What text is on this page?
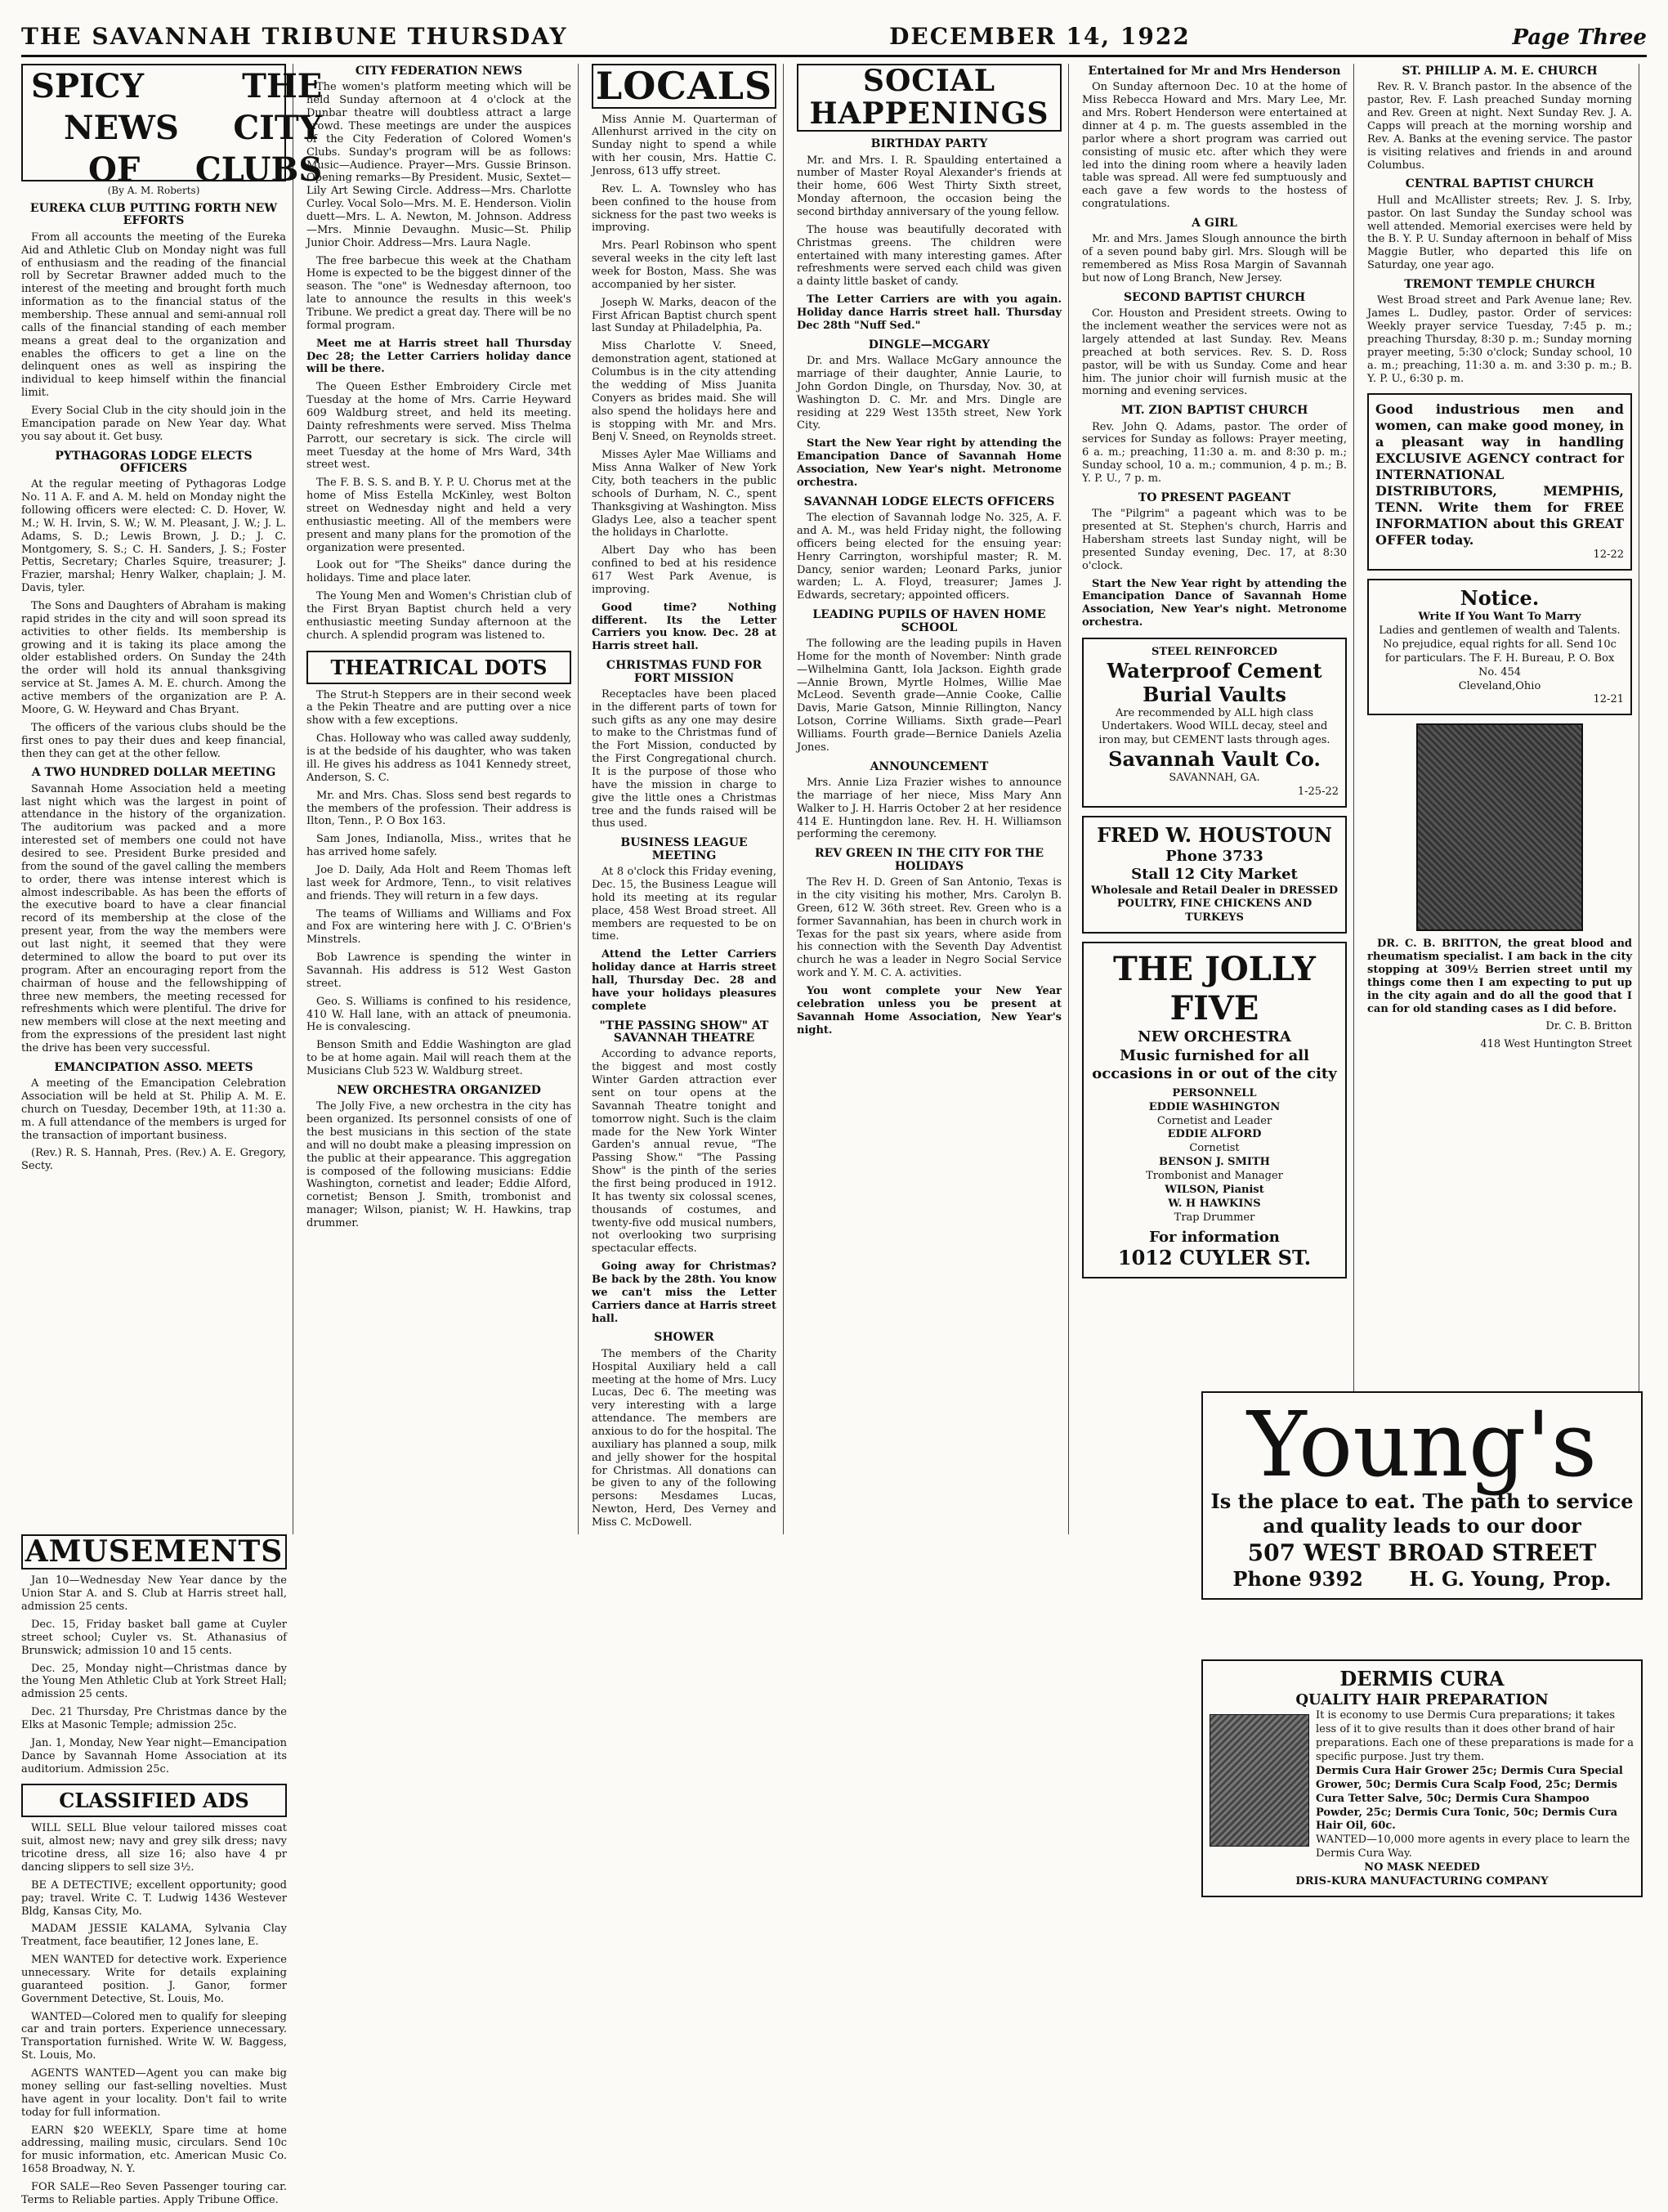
THE SAVANNAH TRIBUNE THURSDAY	DECEMBER 14, 1922	Page Three
SPICY	THE
NEWS	CITY
OF	CLUBS
(By A. M. Roberts)
EUREKA CLUB PUTTING FORTH NEW EFFORTS

From all accounts the meeting of the Eureka Aid and Athletic Club on Monday night was full of enthusiasm and the reading of the financial roll by Secretar Brawner added much to the interest of the meeting and brought forth much information as to the financial status of the membership. These annual and semi-annual roll calls of the financial standing of each member means a great deal to the organization and enables the officers to get a line on the delinquent ones as well as inspiring the individual to keep himself within the financial limit.

Every Social Club in the city should join in the Emancipation parade on New Year day. What you say about it. Get busy.

PYTHAGORAS LODGE ELECTS OFFICERS

At the regular meeting of Pythagoras Lodge No. 11 A. F. and A. M. held on Monday night the following officers were elected: C. D. Hover, W. M.; W. H. Irvin, S. W.; W. M. Pleasant, J. W.; J. L. Adams, S. D.; Lewis Brown, J. D.; J. C. Montgomery, S. S.; C. H. Sanders, J. S.; Foster Pettis, Secretary; Charles Squire, treasurer; J. Frazier, marshal; Henry Walker, chaplain; J. M. Davis, tyler.

The Sons and Daughters of Abraham is making rapid strides in the city and will soon spread its activities to other fields. Its membership is growing and it is taking its place among the older established orders. On Sunday the 24th the order will hold its annual thanksgiving service at St. James A. M. E. church. Among the active members of the organization are P. A. Moore, G. W. Heyward and Chas Bryant.

The officers of the various clubs should be the first ones to pay their dues and keep financial, then they can get at the other fellow.

A TWO HUNDRED DOLLAR MEETING

Savannah Home Association held a meeting last night which was the largest in point of attendance in the history of the organization. The auditorium was packed and a more interested set of members one could not have desired to see. President Burke presided and from the sound of the gavel calling the members to order, there was intense interest which is almost indescribable. As has been the efforts of the executive board to have a clear financial record of its membership at the close of the present year, from the way the members were out last night, it seemed that they were determined to allow the board to put over its program. After an encouraging report from the chairman of house and the fellowshipping of three new members, the meeting recessed for refreshments which were plentiful. The drive for new members will close at the next meeting and from the expressions of the president last night the drive has been very successful.

EMANCIPATION ASSO. MEETS

A meeting of the Emancipation Celebration Association will be held at St. Philip A. M. E. church on Tuesday, December 19th, at 11:30 a. m. A full attendance of the members is urged for the transaction of important business.

(Rev.) R. S. Hannah, Pres. (Rev.) A. E. Gregory, Secty.

CITY FEDERATION NEWS

The women's platform meeting which will be held Sunday afternoon at 4 o'clock at the Dunbar theatre will doubtless attract a large crowd. These meetings are under the auspices of the City Federation of Colored Women's Clubs. Sunday's program will be as follows: Music—Audience. Prayer—Mrs. Gussie Brinson. Opening remarks—By President. Music, Sextet—Lily Art Sewing Circle. Address—Mrs. Charlotte Curley. Vocal Solo—Mrs. M. E. Henderson. Violin duett—Mrs. L. A. Newton, M. Johnson. Address—Mrs. Minnie Devaughn. Music—St. Philip Junior Choir. Address—Mrs. Laura Nagle.

The free barbecue this week at the Chatham Home is expected to be the biggest dinner of the season. The "one" is Wednesday afternoon, too late to announce the results in this week's Tribune. We predict a great day. There will be no formal program.

Meet me at Harris street hall Thursday Dec 28; the Letter Carriers holiday dance will be there.

The Queen Esther Embroidery Circle met Tuesday at the home of Mrs. Carrie Heyward 609 Waldburg street, and held its meeting. Dainty refreshments were served. Miss Thelma Parrott, our secretary is sick. The circle will meet Tuesday at the home of Mrs Ward, 34th street west.

The F. B. S. S. and B. Y. P. U. Chorus met at the home of Miss Estella McKinley, west Bolton street on Wednesday night and held a very enthusiastic meeting. All of the members were present and many plans for the promotion of the organization were presented.

Look out for "The Sheiks" dance during the holidays. Time and place later.

The Young Men and Women's Christian club of the First Bryan Baptist church held a very enthusiastic meeting Sunday afternoon at the church. A splendid program was listened to.

THEATRICAL DOTS

The Strut-h Steppers are in their second week a the Pekin Theatre and are putting over a nice show with a few exceptions.

Chas. Holloway who was called away suddenly, is at the bedside of his daughter, who was taken ill. He gives his address as 1041 Kennedy street, Anderson, S. C.

Mr. and Mrs. Chas. Sloss send best regards to the members of the profession. Their address is Ilton, Tenn., P. O Box 163.

Sam Jones, Indianolla, Miss., writes that he has arrived home safely.

Joe D. Daily, Ada Holt and Reem Thomas left last week for Ardmore, Tenn., to visit relatives and friends. They will return in a few days.

The teams of Williams and Williams and Fox and Fox are wintering here with J. C. O'Brien's Minstrels.

Bob Lawrence is spending the winter in Savannah. His address is 512 West Gaston street.

Geo. S. Williams is confined to his residence, 410 W. Hall lane, with an attack of pneumonia. He is convalescing.

Benson Smith and Eddie Washington are glad to be at home again. Mail will reach them at the Musicians Club 523 W. Waldburg street.

NEW ORCHESTRA ORGANIZED

The Jolly Five, a new orchestra in the city has been organized. Its personnel consists of one of the best musicians in this section of the state and will no doubt make a pleasing impression on the public at their appearance. This aggregation is composed of the following musicians: Eddie Washington, cornetist and leader; Eddie Alford, cornetist; Benson J. Smith, trombonist and manager; Wilson, pianist; W. H. Hawkins, trap drummer.

LOCALS

Miss Annie M. Quarterman of Allenhurst arrived in the city on Sunday night to spend a while with her cousin, Mrs. Hattie C. Jenross, 613 uffy street.

Rev. L. A. Townsley who has been confined to the house from sickness for the past two weeks is improving.

Mrs. Pearl Robinson who spent several weeks in the city left last week for Boston, Mass. She was accompanied by her sister.

Joseph W. Marks, deacon of the First African Baptist church spent last Sunday at Philadelphia, Pa.

Miss Charlotte V. Sneed, demonstration agent, stationed at Columbus is in the city attending the wedding of Miss Juanita Conyers as brides maid. She will also spend the holidays here and is stopping with Mr. and Mrs. Benj V. Sneed, on Reynolds street.

Misses Ayler Mae Williams and Miss Anna Walker of New York City, both teachers in the public schools of Durham, N. C., spent Thanksgiving at Washington. Miss Gladys Lee, also a teacher spent the holidays in Charlotte.

Albert Day who has been confined to bed at his residence 617 West Park Avenue, is improving.

Good time? Nothing different. Its the Letter Carriers you know. Dec. 28 at Harris street hall.

CHRISTMAS FUND FOR FORT MISSION

Receptacles have been placed in the different parts of town for such gifts as any one may desire to make to the Christmas fund of the Fort Mission, conducted by the First Congregational church. It is the purpose of those who have the mission in charge to give the little ones a Christmas tree and the funds raised will be thus used.

BUSINESS LEAGUE MEETING

At 8 o'clock this Friday evening, Dec. 15, the Business League will hold its meeting at its regular place, 458 West Broad street. All members are requested to be on time.

Attend the Letter Carriers holiday dance at Harris street hall, Thursday Dec. 28 and have your holidays pleasures complete

"THE PASSING SHOW" AT SAVANNAH THEATRE

According to advance reports, the biggest and most costly Winter Garden attraction ever sent on tour opens at the Savannah Theatre tonight and tomorrow night. Such is the claim made for the New York Winter Garden's annual revue, "The Passing Show." "The Passing Show" is the pinth of the series the first being produced in 1912. It has twenty six colossal scenes, thousands of costumes, and twenty-five odd musical numbers, not overlooking two surprising spectacular effects.

Going away for Christmas? Be back by the 28th. You know we can't miss the Letter Carriers dance at Harris street hall.

SHOWER

The members of the Charity Hospital Auxiliary held a call meeting at the home of Mrs. Lucy Lucas, Dec 6. The meeting was very interesting with a large attendance. The members are anxious to do for the hospital. The auxiliary has planned a soup, milk and jelly shower for the hospital for Christmas. All donations can be given to any of the following persons: Mesdames Lucas, Newton, Herd, Des Verney and Miss C. McDowell.

SOCIAL HAPPENINGS
BIRTHDAY PARTY

Mr. and Mrs. I. R. Spaulding entertained a number of Master Royal Alexander's friends at their home, 606 West Thirty Sixth street, Monday afternoon, the occasion being the second birthday anniversary of the young fellow.

The house was beautifully decorated with Christmas greens. The children were entertained with many interesting games. After refreshments were served each child was given a dainty little basket of candy.

The Letter Carriers are with you again. Holiday dance Harris street hall. Thursday Dec 28th "Nuff Sed."

DINGLE—MCGARY

Dr. and Mrs. Wallace McGary announce the marriage of their daughter, Annie Laurie, to John Gordon Dingle, on Thursday, Nov. 30, at Washington D. C. Mr. and Mrs. Dingle are residing at 229 West 135th street, New York City.

Start the New Year right by attending the Emancipation Dance of Savannah Home Association, New Year's night. Metronome orchestra.

SAVANNAH LODGE ELECTS OFFICERS

The election of Savannah lodge No. 325, A. F. and A. M., was held Friday night, the following officers being elected for the ensuing year: Henry Carrington, worshipful master; R. M. Dancy, senior warden; Leonard Parks, junior warden; L. A. Floyd, treasurer; James J. Edwards, secretary; appointed officers.

LEADING PUPILS OF HAVEN HOME SCHOOL

The following are the leading pupils in Haven Home for the month of November: Ninth grade—Wilhelmina Gantt, Iola Jackson. Eighth grade—Annie Brown, Myrtle Holmes, Willie Mae McLeod. Seventh grade—Annie Cooke, Callie Davis, Marie Gatson, Minnie Rillington, Nancy Lotson, Corrine Williams. Sixth grade—Pearl Williams. Fourth grade—Bernice Daniels Azelia Jones.

ANNOUNCEMENT

Mrs. Annie Liza Frazier wishes to announce the marriage of her niece, Miss Mary Ann Walker to J. H. Harris October 2 at her residence 414 E. Huntingdon lane. Rev. H. H. Williamson performing the ceremony.

REV GREEN IN THE CITY FOR THE HOLIDAYS

The Rev H. D. Green of San Antonio, Texas is in the city visiting his mother, Mrs. Carolyn B. Green, 612 W. 36th street. Rev. Green who is a former Savannahian, has been in church work in Texas for the past six years, where aside from his connection with the Seventh Day Adventist church he was a leader in Negro Social Service work and Y. M. C. A. activities.

You wont complete your New Year celebration unless you be present at Savannah Home Association, New Year's night.

Entertained for Mr and Mrs Henderson

On Sunday afternoon Dec. 10 at the home of Miss Rebecca Howard and Mrs. Mary Lee, Mr. and Mrs. Robert Henderson were entertained at dinner at 4 p. m. The guests assembled in the parlor where a short program was carried out consisting of music etc. after which they were led into the dining room where a heavily laden table was spread. All were fed sumptuously and each gave a few words to the hostess of congratulations.

A GIRL

Mr. and Mrs. James Slough announce the birth of a seven pound baby girl. Mrs. Slough will be remembered as Miss Rosa Margin of Savannah but now of Long Branch, New Jersey.

SECOND BAPTIST CHURCH

Cor. Houston and President streets. Owing to the inclement weather the services were not as largely attended at last Sunday. Rev. Means preached at both services. Rev. S. D. Ross pastor, will be with us Sunday. Come and hear him. The junior choir will furnish music at the morning and evening services.

MT. ZION BAPTIST CHURCH

Rev. John Q. Adams, pastor. The order of services for Sunday as follows: Prayer meeting, 6 a. m.; preaching, 11:30 a. m. and 8:30 p. m.; Sunday school, 10 a. m.; communion, 4 p. m.; B. Y. P. U., 7 p. m.

TO PRESENT PAGEANT

The "Pilgrim" a pageant which was to be presented at St. Stephen's church, Harris and Habersham streets last Sunday night, will be presented Sunday evening, Dec. 17, at 8:30 o'clock.

Start the New Year right by attending the Emancipation Dance of Savannah Home Association, New Year's night. Metronome orchestra.

STEEL REINFORCED
Waterproof Cement Burial Vaults
Are recommended by ALL high class Undertakers. Wood WILL decay, steel and iron may, but CEMENT lasts through ages.
Savannah Vault Co.
SAVANNAH, GA.
1-25-22
FRED W. HOUSTOUN
Phone 3733
Stall 12 City Market
Wholesale and Retail Dealer in DRESSED POULTRY, FINE CHICKENS AND TURKEYS
THE JOLLY FIVE
NEW ORCHESTRA
Music furnished for all occasions in or out of the city
PERSONNELL
EDDIE WASHINGTON
Cornetist and Leader
EDDIE ALFORD
Cornetist
BENSON J. SMITH
Trombonist and Manager
WILSON, Pianist
W. H HAWKINS
Trap Drummer
For information
1012 CUYLER ST.
ST. PHILLIP A. M. E. CHURCH

Rev. R. V. Branch pastor. In the absence of the pastor, Rev. F. Lash preached Sunday morning and Rev. Green at night. Next Sunday Rev. J. A. Capps will preach at the morning worship and Rev. A. Banks at the evening service. The pastor is visiting relatives and friends in and around Columbus.

CENTRAL BAPTIST CHURCH

Hull and McAllister streets; Rev. J. S. Irby, pastor. On last Sunday the Sunday school was well attended. Memorial exercises were held by the B. Y. P. U. Sunday afternoon in behalf of Miss Maggie Butler, who departed this life on Saturday, one year ago.

TREMONT TEMPLE CHURCH

West Broad street and Park Avenue lane; Rev. James L. Dudley, pastor. Order of services: Weekly prayer service Tuesday, 7:45 p. m.; preaching Thursday, 8:30 p. m.; Sunday morning prayer meeting, 5:30 o'clock; Sunday school, 10 a. m.; preaching, 11:30 a. m. and 3:30 p. m.; B. Y. P. U., 6:30 p. m.

Good industrious men and women, can make good money, in a pleasant way in handling EXCLUSIVE AGENCY contract for INTERNATIONAL DISTRIBUTORS, MEMPHIS, TENN. Write them for FREE INFORMATION about this GREAT OFFER today.
12-22
Notice.
Write If You Want To Marry
Ladies and gentlemen of wealth and Talents. No prejudice, equal rights for all. Send 10c for particulars. The F. H. Bureau, P. O. Box No. 454
Cleveland,Ohio
12-21

DR. C. B. BRITTON, the great blood and rheumatism specialist. I am back in the city stopping at 309½ Berrien street until my things come then I am expecting to put up in the city again and do all the good that I can for old standing cases as I did before.

Dr. C. B. Britton

418 West Huntington Street

AMUSEMENTS

Jan 10—Wednesday New Year dance by the Union Star A. and S. Club at Harris street hall, admission 25 cents.

Dec. 15, Friday basket ball game at Cuyler street school; Cuyler vs. St. Athanasius of Brunswick; admission 10 and 15 cents.

Dec. 25, Monday night—Christmas dance by the Young Men Athletic Club at York Street Hall; admission 25 cents.

Dec. 21 Thursday, Pre Christmas dance by the Elks at Masonic Temple; admission 25c.

Jan. 1, Monday, New Year night—Emancipation Dance by Savannah Home Association at its auditorium. Admission 25c.

CLASSIFIED ADS

WILL SELL Blue velour tailored misses coat suit, almost new; navy and grey silk dress; navy tricotine dress, all size 16; also have 4 pr dancing slippers to sell size 3½.

BE A DETECTIVE; excellent opportunity; good pay; travel. Write C. T. Ludwig 1436 Westever Bldg, Kansas City, Mo.

MADAM JESSIE KALAMA, Sylvania Clay Treatment, face beautifier, 12 Jones lane, E.

MEN WANTED for detective work. Experience unnecessary. Write for details explaining guaranteed position. J. Ganor, former Government Detective, St. Louis, Mo.

WANTED—Colored men to qualify for sleeping car and train porters. Experience unnecessary. Transportation furnished. Write W. W. Baggess, St. Louis, Mo.

AGENTS WANTED—Agent you can make big money selling our fast-selling novelties. Must have agent in your locality. Don't fail to write today for full information.

EARN $20 WEEKLY, Spare time at home addressing, mailing music, circulars. Send 10c for music information, etc. American Music Co. 1658 Broadway, N. Y.

FOR SALE—Reo Seven Passenger touring car. Terms to Reliable parties. Apply Tribune Office.

Young's
Is the place to eat. The path to service and quality leads to our door
507 WEST BROAD STREET
Phone 9392 H. G. Young, Prop.
DERMIS CURA
QUALITY HAIR PREPARATION
It is economy to use Dermis Cura preparations; it takes less of it to give results than it does other brand of hair preparations. Each one of these preparations is made for a specific purpose. Just try them.
Dermis Cura Hair Grower 25c; Dermis Cura Special Grower, 50c; Dermis Cura Scalp Food, 25c; Dermis Cura Tetter Salve, 50c; Dermis Cura Shampoo Powder, 25c; Dermis Cura Tonic, 50c; Dermis Cura Hair Oil, 60c.
WANTED—10,000 more agents in every place to learn the Dermis Cura Way.
NO MASK NEEDED
DRIS-KURA MANUFACTURING COMPANY
